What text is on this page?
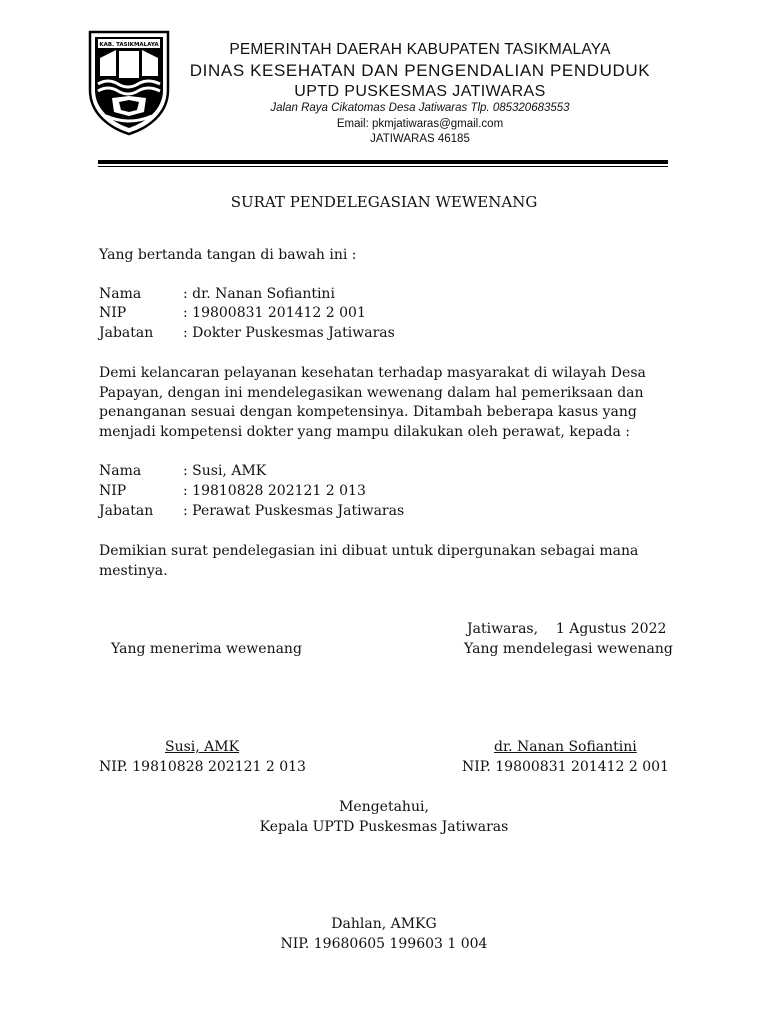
KAB. TASIKMALAYA	PEMERINTAH DAERAH KABUPATEN TASIKMALAYA
DINAS KESEHATAN DAN PENGENDALIAN PENDUDUK
UPTD PUSKESMAS JATIWARAS
Jalan Raya Cikatomas Desa Jatiwaras Tlp. 085320683553
Email: pkmjatiwaras@gmail.com
JATIWARAS 46185
SURAT PENDELEGASIAN WEWENANG
Yang bertanda tangan di bawah ini :
Nama	: dr. Nanan Sofiantini
NIP	: 19800831 201412 2 001
Jabatan : Dokter Puskesmas Jatiwaras
Demi kelancaran pelayanan kesehatan terhadap masyarakat di wilayah Desa
Papayan, dengan ini mendelegasikan wewenang dalam hal pemeriksaan dan
penanganan sesuai dengan kompetensinya. Ditambah beberapa kasus yang
menjadi kompetensi dokter yang mampu dilakukan oleh perawat, kepada :
Nama	: Susi, AMK
NIP	: 19810828 202121 2 013
Jabatan : Perawat Puskesmas Jatiwaras
Demikian surat pendelegasian ini dibuat untuk dipergunakan sebagai mana
mestinya.
Jatiwaras,    1 Agustus 2022
Yang menerima wewenang	Yang mendelegasi wewenang
Susi, AMK
NIP. 19810828 202121 2 013
dr. Nanan Sofiantini
NIP. 19800831 201412 2 001
Mengetahui,
Kepala UPTD Puskesmas Jatiwaras
Dahlan, AMKG
NIP. 19680605 199603 1 004
